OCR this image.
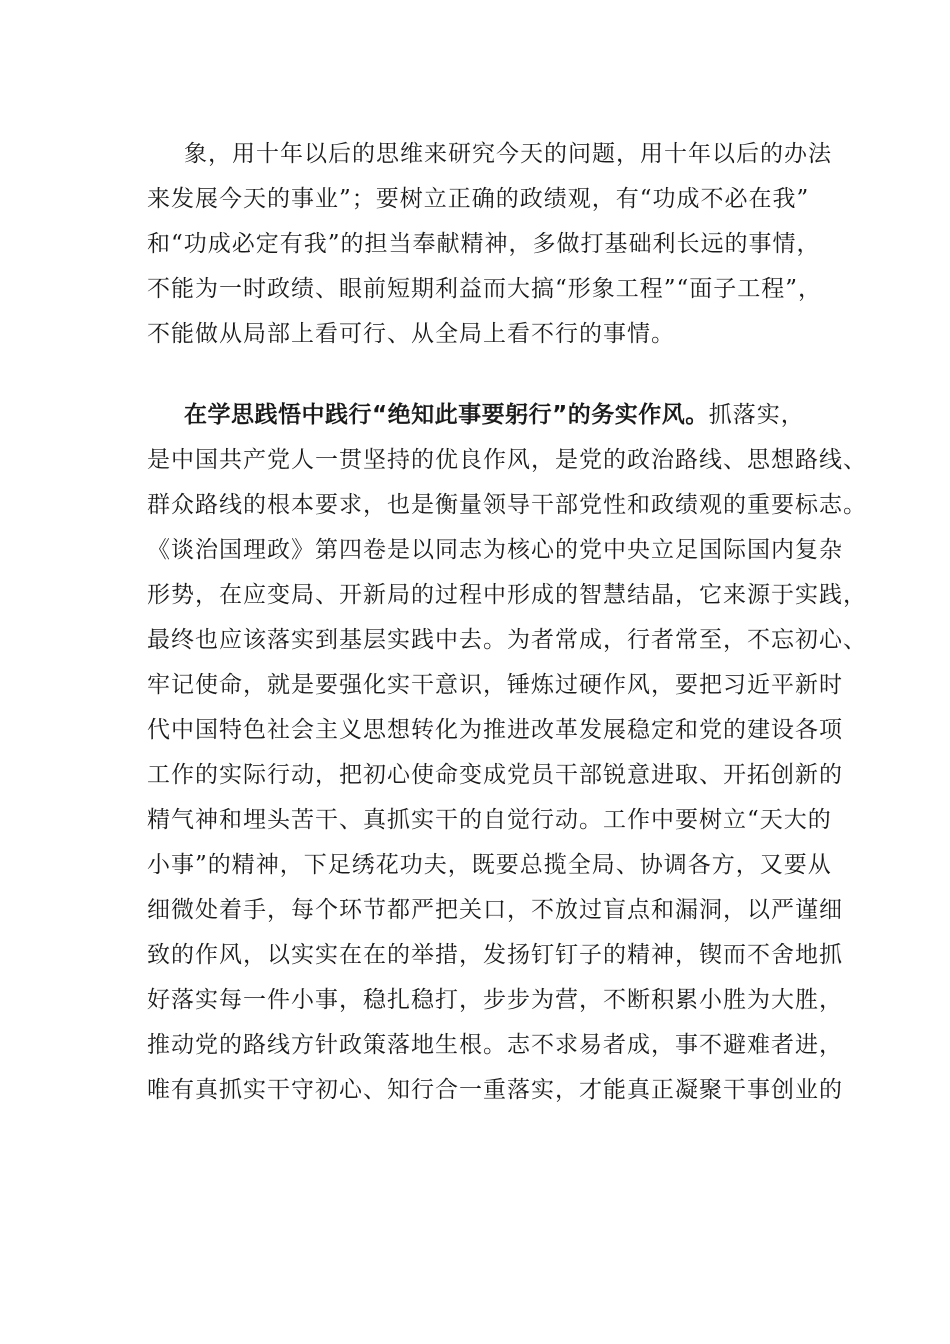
象，用十年以后的思维来研究今天的问题，用十年以后的办法
来发展今天的事业”；要树立正确的政绩观，有“功成不必在我”
和“功成必定有我”的担当奉献精神，多做打基础利长远的事情，
不能为一时政绩、眼前短期利益而大搞“形象工程”“面子工程”，
不能做从局部上看可行、从全局上看不行的事情。
在学思践悟中践行“绝知此事要躬行”的务实作风。抓落实，
是中国共产党人一贯坚持的优良作风，是党的政治路线、思想路线、
群众路线的根本要求，也是衡量领导干部党性和政绩观的重要标志。
《谈治国理政》第四卷是以同志为核心的党中央立足国际国内复杂
形势，在应变局、开新局的过程中形成的智慧结晶，它来源于实践，
最终也应该落实到基层实践中去。为者常成，行者常至，不忘初心、
牢记使命，就是要强化实干意识，锤炼过硬作风，要把习近平新时
代中国特色社会主义思想转化为推进改革发展稳定和党的建设各项
工作的实际行动，把初心使命变成党员干部锐意进取、开拓创新的
精气神和埋头苦干、真抓实干的自觉行动。工作中要树立“天大的
小事”的精神，下足绣花功夫，既要总揽全局、协调各方，又要从
细微处着手，每个环节都严把关口，不放过盲点和漏洞，以严谨细
致的作风，以实实在在的举措，发扬钉钉子的精神，锲而不舍地抓
好落实每一件小事，稳扎稳打，步步为营，不断积累小胜为大胜，
推动党的路线方针政策落地生根。志不求易者成，事不避难者进，
唯有真抓实干守初心、知行合一重落实，才能真正凝聚干事创业的
